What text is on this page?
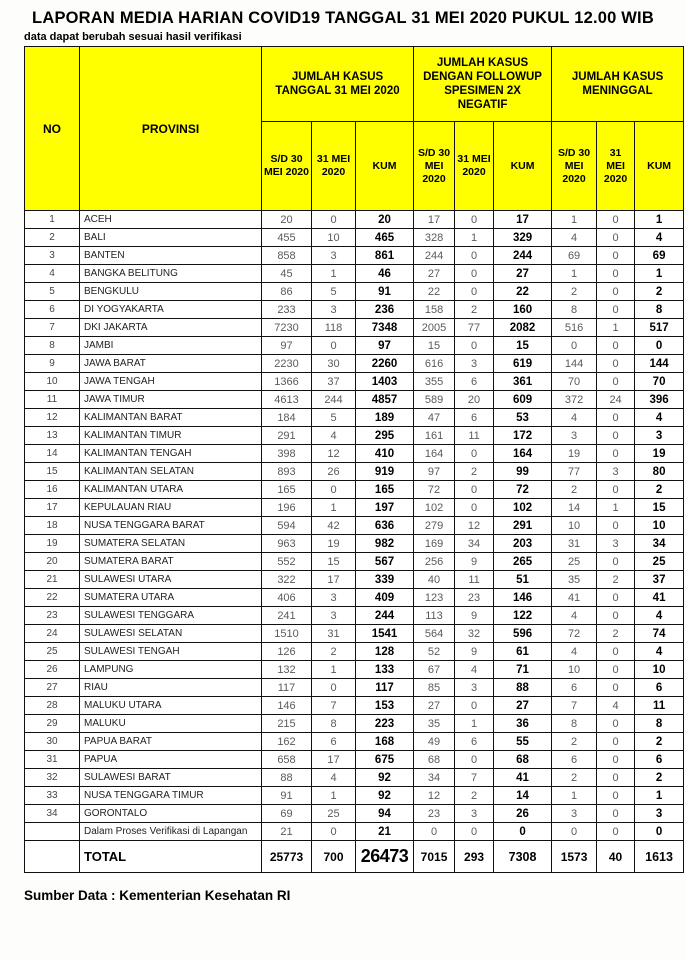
LAPORAN MEDIA HARIAN COVID19 TANGGAL 31 MEI 2020 PUKUL 12.00 WIB
data dapat berubah sesuai hasil verifikasi
NO	PROVINSI	JUMLAH KASUS TANGGAL 31 MEI 2020			JUMLAH KASUS DENGAN FOLLOWUP SPESIMEN 2X NEGATIF			JUMLAH KASUS MENINGGAL		
		S/D 30 MEI 2020	31 MEI 2020	KUM	S/D 30 MEI 2020	31 MEI 2020	KUM	S/D 30 MEI 2020	31 MEI 2020	KUM
1	ACEH	20	0	20	17	0	17	1	0	1
2	BALI	455	10	465	328	1	329	4	0	4
3	BANTEN	858	3	861	244	0	244	69	0	69
4	BANGKA BELITUNG	45	1	46	27	0	27	1	0	1
5	BENGKULU	86	5	91	22	0	22	2	0	2
6	DI YOGYAKARTA	233	3	236	158	2	160	8	0	8
7	DKI JAKARTA	7230	118	7348	2005	77	2082	516	1	517
8	JAMBI	97	0	97	15	0	15	0	0	0
9	JAWA BARAT	2230	30	2260	616	3	619	144	0	144
10	JAWA TENGAH	1366	37	1403	355	6	361	70	0	70
11	JAWA TIMUR	4613	244	4857	589	20	609	372	24	396
12	KALIMANTAN BARAT	184	5	189	47	6	53	4	0	4
13	KALIMANTAN TIMUR	291	4	295	161	11	172	3	0	3
14	KALIMANTAN TENGAH	398	12	410	164	0	164	19	0	19
15	KALIMANTAN SELATAN	893	26	919	97	2	99	77	3	80
16	KALIMANTAN UTARA	165	0	165	72	0	72	2	0	2
17	KEPULAUAN RIAU	196	1	197	102	0	102	14	1	15
18	NUSA TENGGARA BARAT	594	42	636	279	12	291	10	0	10
19	SUMATERA SELATAN	963	19	982	169	34	203	31	3	34
20	SUMATERA BARAT	552	15	567	256	9	265	25	0	25
21	SULAWESI UTARA	322	17	339	40	11	51	35	2	37
22	SUMATERA UTARA	406	3	409	123	23	146	41	0	41
23	SULAWESI TENGGARA	241	3	244	113	9	122	4	0	4
24	SULAWESI SELATAN	1510	31	1541	564	32	596	72	2	74
25	SULAWESI TENGAH	126	2	128	52	9	61	4	0	4
26	LAMPUNG	132	1	133	67	4	71	10	0	10
27	RIAU	117	0	117	85	3	88	6	0	6
28	MALUKU UTARA	146	7	153	27	0	27	7	4	11
29	MALUKU	215	8	223	35	1	36	8	0	8
30	PAPUA BARAT	162	6	168	49	6	55	2	0	2
31	PAPUA	658	17	675	68	0	68	6	0	6
32	SULAWESI BARAT	88	4	92	34	7	41	2	0	2
33	NUSA TENGGARA TIMUR	91	1	92	12	2	14	1	0	1
34	GORONTALO	69	25	94	23	3	26	3	0	3
	Dalam Proses Verifikasi di Lapangan	21	0	21	0	0	0	0	0	0
	TOTAL	25773	700	26473	7015	293	7308	1573	40	1613
Sumber Data : Kementerian Kesehatan RI
